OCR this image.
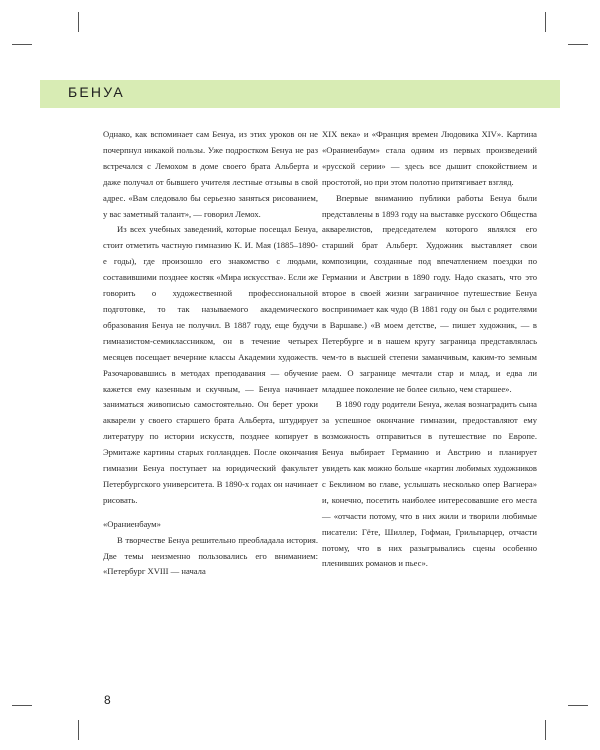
БЕНУА

Однако, как вспоминает сам Бенуа, из этих уроков он не почерпнул никакой пользы. Уже подростком Бенуа не раз встречался с Лемохом в доме своего брата Альберта и даже получал от бывшего учителя лестные отзывы в свой адрес. «Вам следовало бы серьезно заняться рисованием, у вас заметный талант», — говорил Лемох.

Из всех учебных заведений, которые посещал Бенуа, стоит отметить частную гимназию К. И. Мая (1885–1890-е годы), где произошло его знакомство с людьми, составившими позднее костяк «Мира искусства». Если же говорить о художественной профессиональной подготовке, то так называемого академического образования Бенуа не получил. В 1887 году, еще будучи гимназистом-семиклассником, он в течение четырех месяцев посещает вечерние классы Академии художеств. Разочаровавшись в методах преподавания — обучение кажется ему казенным и скучным, — Бенуа начинает заниматься живописью самостоятельно. Он берет уроки акварели у своего старшего брата Альберта, штудирует литературу по истории искусств, позднее копирует в Эрмитаже картины старых голландцев. После окончания гимназии Бенуа поступает на юридический факультет Петербургского университета. В 1890-х годах он начинает рисовать.

«Ораниенбаум»

В творчестве Бенуа решительно преобладала история. Две темы неизменно пользовались его вниманием: «Петербург XVIII — начала

XIX века» и «Франция времен Людовика XIV». Картина «Ораниенбаум» стала одним из первых произведений «русской серии» — здесь все дышит спокойствием и простотой, но при этом полотно притягивает взгляд.

Впервые вниманию публики работы Бенуа были представлены в 1893 году на выставке русского Общества акварелистов, председателем которого являлся его старший брат Альберт. Художник выставляет свои композиции, созданные под впечатлением поездки по Германии и Австрии в 1890 году. Надо сказать, что это второе в своей жизни заграничное путешествие Бенуа воспринимает как чудо (В 1881 году он был с родителями в Варшаве.) «В моем детстве, — пишет художник, — в Петербурге и в нашем кругу заграница представлялась чем-то в высшей степени заманчивым, каким-то земным раем. О загранице мечтали стар и млад, и едва ли младшее поколение не более сильно, чем старшее».

В 1890 году родители Бенуа, желая вознаградить сына за успешное окончание гимназии, предоставляют ему возможность отправиться в путешествие по Европе. Бенуа выбирает Германию и Австрию и планирует увидеть как можно больше «картин любимых художников с Беклином во главе, услышать несколько опер Вагнера» и, конечно, посетить наиболее интересовавшие его места — «отчасти потому, что в них жили и творили любимые писатели: Гёте, Шиллер, Гофман, Грильпарцер, отчасти потому, что в них разыгрывались сцены особенно пленивших романов и пьес».

8
